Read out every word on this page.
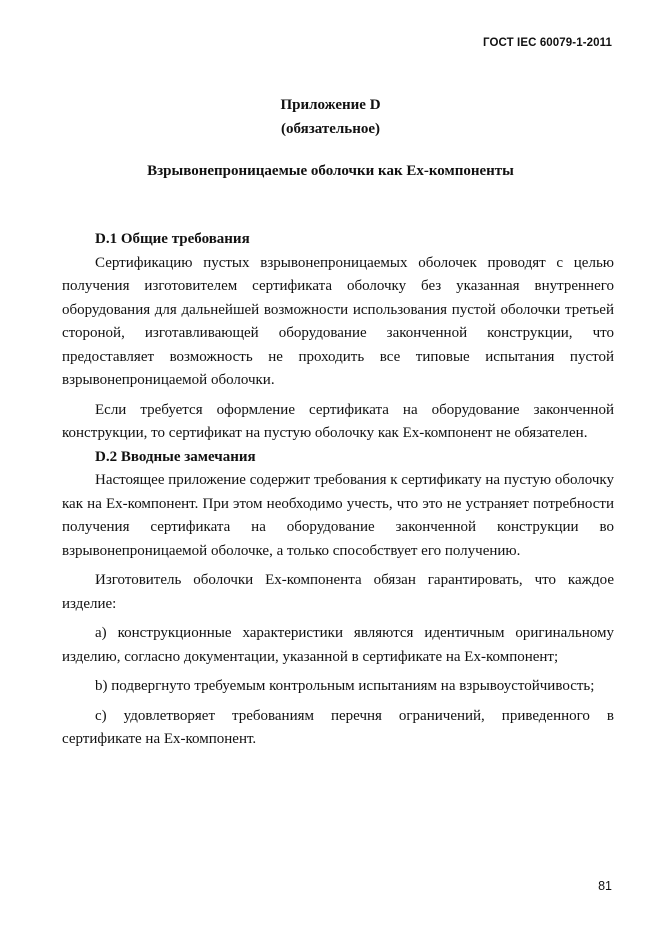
ГОСТ IEC 60079-1-2011
Приложение D
(обязательное)
Взрывонепроницаемые оболочки как Ex-компоненты

D.1 Общие требования

Сертификацию пустых взрывонепроницаемых оболочек проводят с целью получения изготовителем сертификата оболочку без указанная внутреннего оборудования для дальнейшей возможности использования пустой оболочки третьей стороной, изготавливающей оборудование законченной конструкции, что предоставляет возможность не проходить все типовые испытания пустой взрывонепроницаемой оболочки.

Если требуется оформление сертификата на оборудование законченной конструкции, то сертификат на пустую оболочку как Ex-компонент не обязателен.

D.2 Вводные замечания

Настоящее приложение содержит требования к сертификату на пустую оболочку как на Ex-компонент. При этом необходимо учесть, что это не устраняет потребности получения сертификата на оборудование законченной конструкции во взрывонепроницаемой оболочке, а только способствует его получению.

Изготовитель оболочки Ex-компонента обязан гарантировать, что каждое изделие:

а) конструкционные характеристики являются идентичным оригинальному изделию, согласно документации, указанной в сертификате на Ex-компонент;

b) подвергнуто требуемым контрольным испытаниям на взрывоустойчивость;

с) удовлетворяет требованиям перечня ограничений, приведенного в сертификате на Ex-компонент.

81
